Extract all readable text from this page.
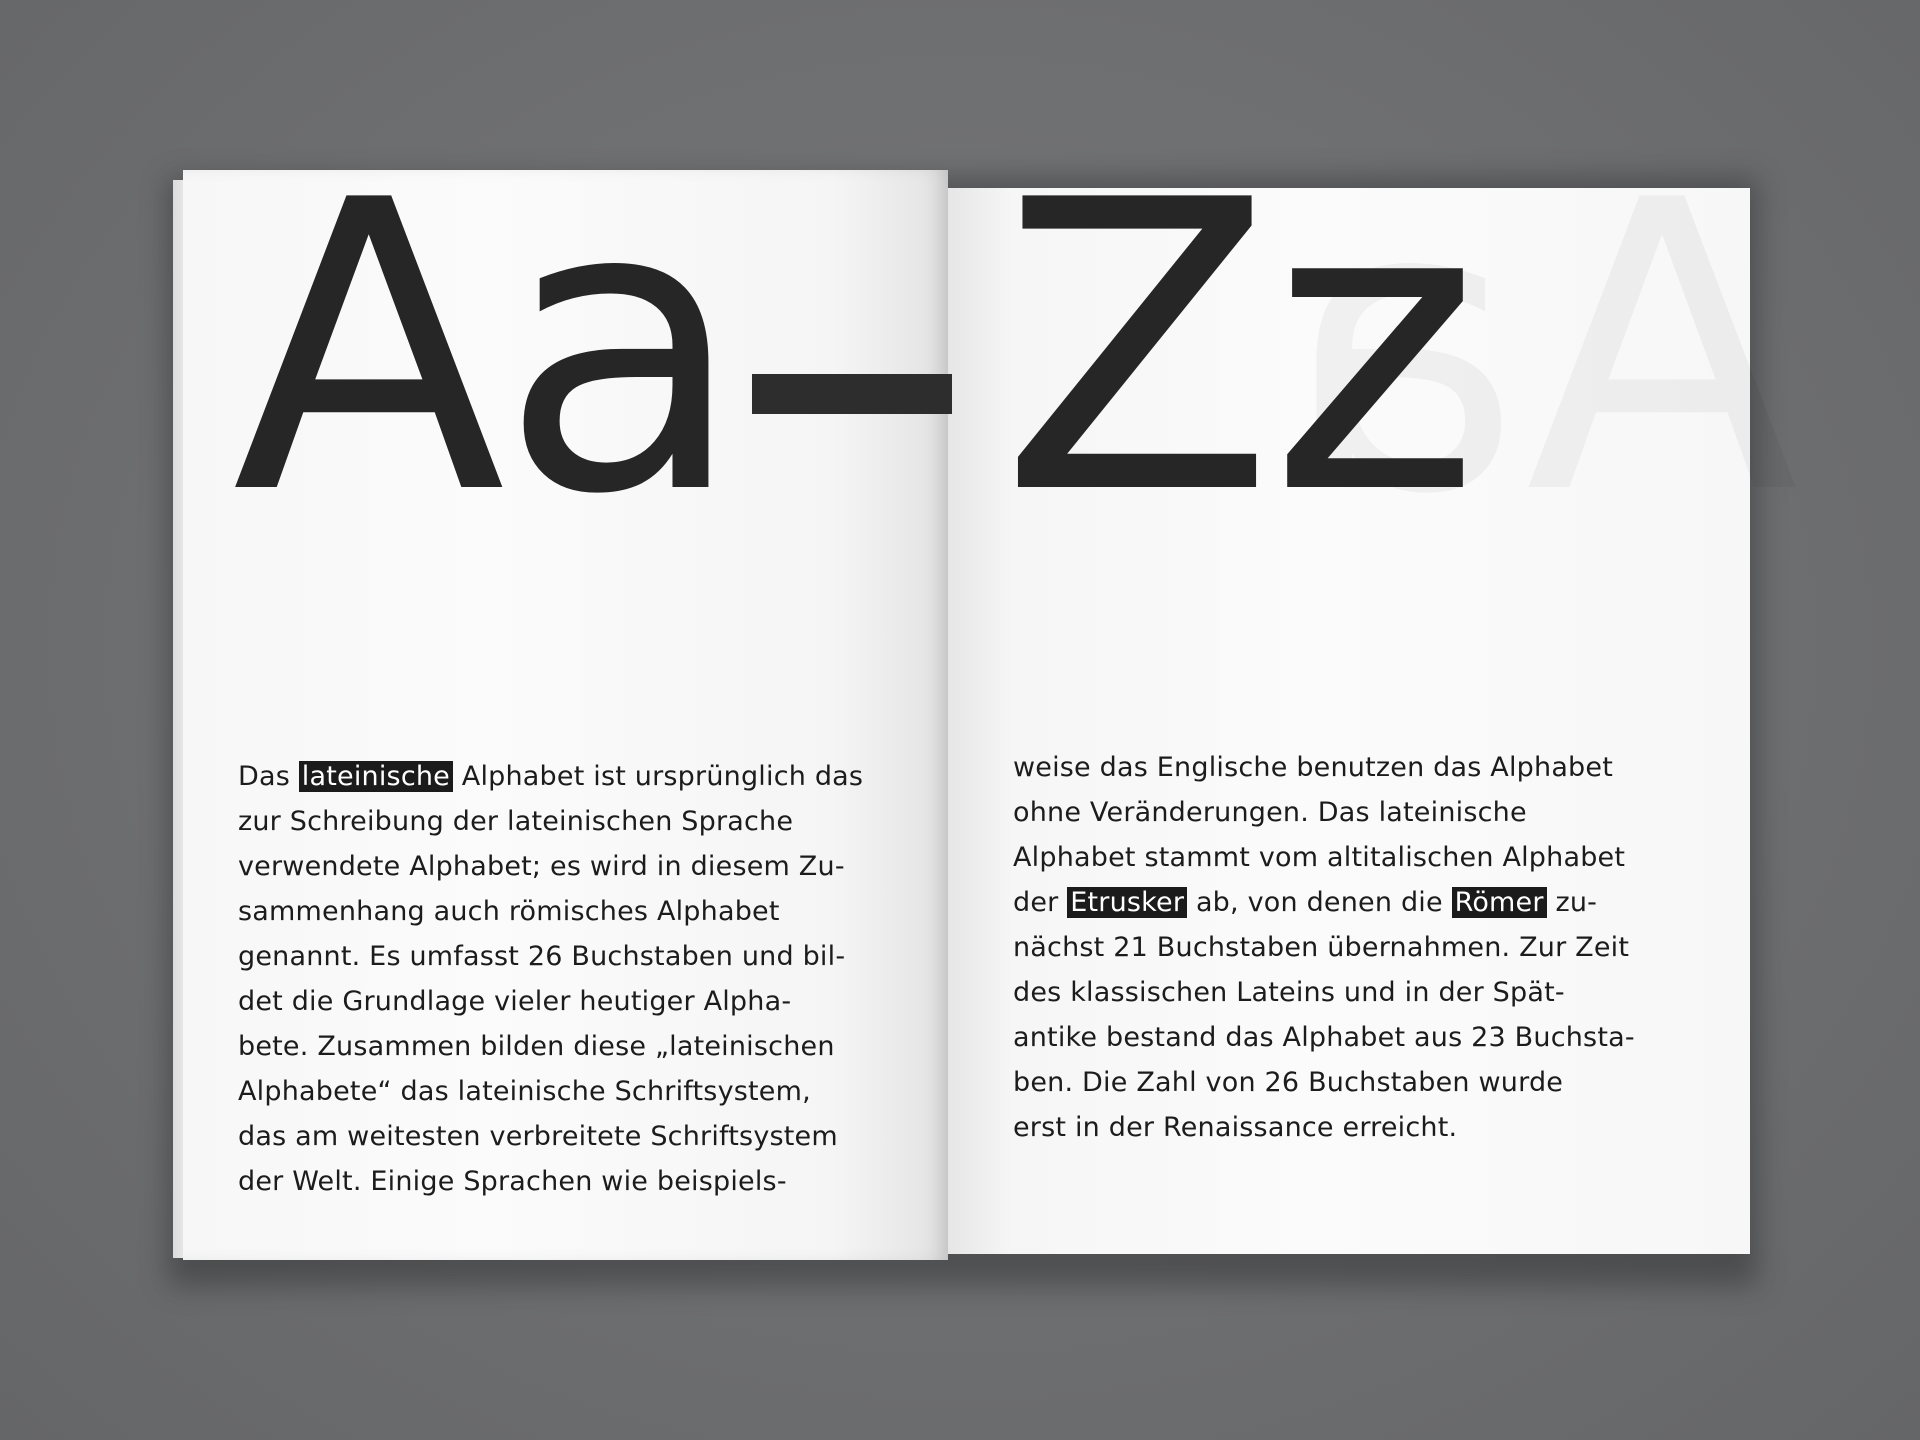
Aa Zz
Das lateinische Alphabet ist ursprünglich das
zur Schreibung der lateinischen Sprache
verwendete Alphabet; es wird in diesem Zu-
sammenhang auch römisches Alphabet
genannt. Es umfasst 26 Buchstaben und bil-
det die Grundlage vieler heutiger Alpha-
bete. Zusammen bilden diese „lateinischen
Alphabete“ das lateinische Schriftsystem,
das am weitesten verbreitete Schriftsystem
der Welt. Einige Sprachen wie beispiels-
weise das Englische benutzen das Alphabet
ohne Veränderungen. Das lateinische
Alphabet stammt vom altitalischen Alphabet
der Etrusker ab, von denen die Römer zu-
nächst 21 Buchstaben übernahmen. Zur Zeit
des klassischen Lateins und in der Spät-
antike bestand das Alphabet aus 23 Buchsta-
ben. Die Zahl von 26 Buchstaben wurde
erst in der Renaissance erreicht.
